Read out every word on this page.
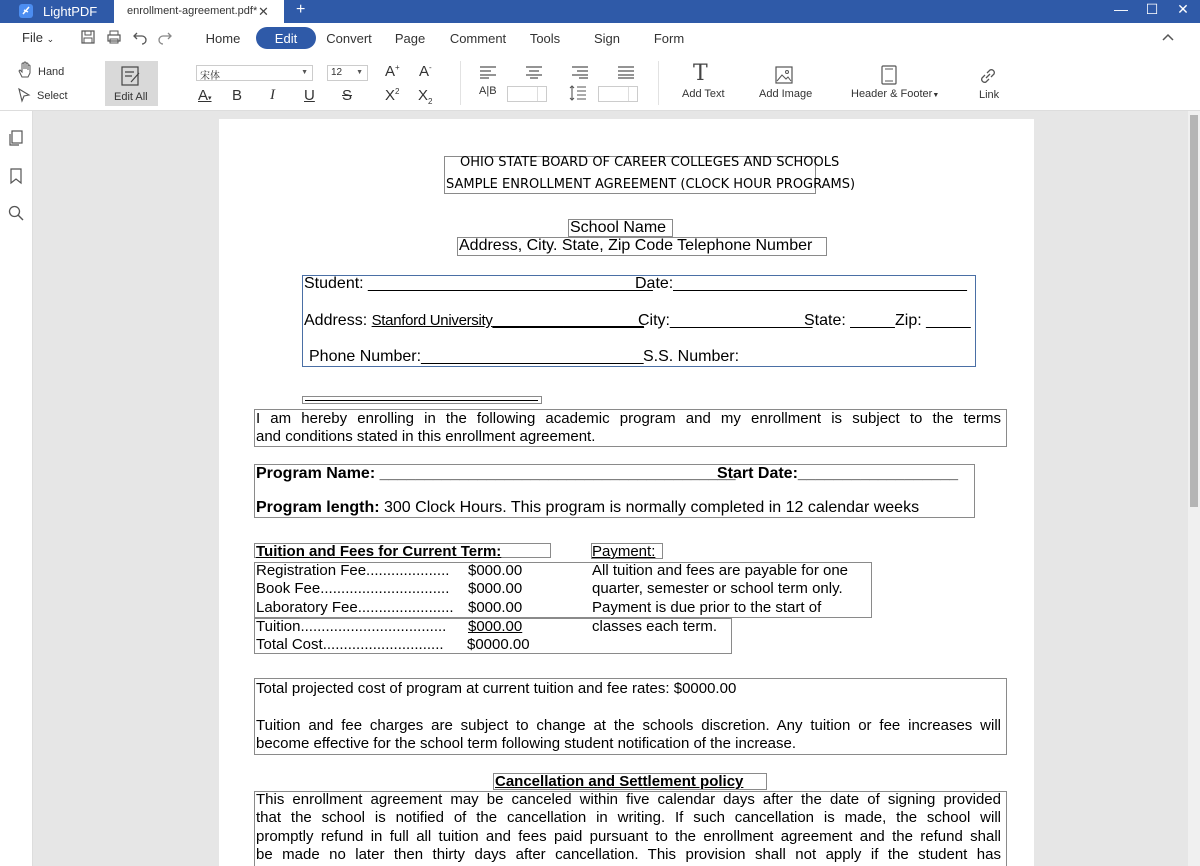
LightPDF	enrollment-agreement.pdf* ✕ +	—	☐	✕
File ⌄	Home	Edit	Convert	Page	Comment	Tools	Sign	Form
Hand
Select	Edit All
宋体	▼	12 ▼ A+ A-
A▾ B I U S $X^2$ $X_2$
A|B
T
Add Text	Add Image	Header & Footer▼	Link
OHIO STATE BOARD OF CAREER COLLEGES AND SCHOOLS
SAMPLE ENROLLMENT AGREEMENT (CLOCK HOUR PROGRAMS)
School Name
Address, City. State, Zip Code Telephone Number
Student: ________________________________
Date:_________________________________
Address: Stanford University_________________
City:________________
State: _____ Zip: _____
Phone Number:_________________________ S.S. Number:
I am hereby enrolling in the following academic program and my enrollment is subject to the terms
and conditions stated in this enrollment agreement.
Program Name: ________________________________________
Start Date:__________________
Program length: 300 Clock Hours. This program is normally completed in 12 calendar weeks
Tuition and Fees for Current Term:	Payment:
Registration Fee.................... $000.00
Book Fee............................... $000.00
Laboratory Fee....................... $000.00
Tuition................................... $000.00
Total Cost............................. $0000.00
All tuition and fees are payable for one
quarter, semester or school term only.
Payment is due prior to the start of
classes each term.
Total projected cost of program at current tuition and fee rates: $0000.00
Tuition and fee charges are subject to change at the schools discretion. Any tuition or fee increases will
become effective for the school term following student notification of the increase.
Cancellation and Settlement policy
This enrollment agreement may be canceled within five calendar days after the date of signing provided
that the school is notified of the cancellation in writing. If such cancellation is made, the school will
promptly refund in full all tuition and fees paid pursuant to the enrollment agreement and the refund shall
be made no later then thirty days after cancellation. This provision shall not apply if the student has
